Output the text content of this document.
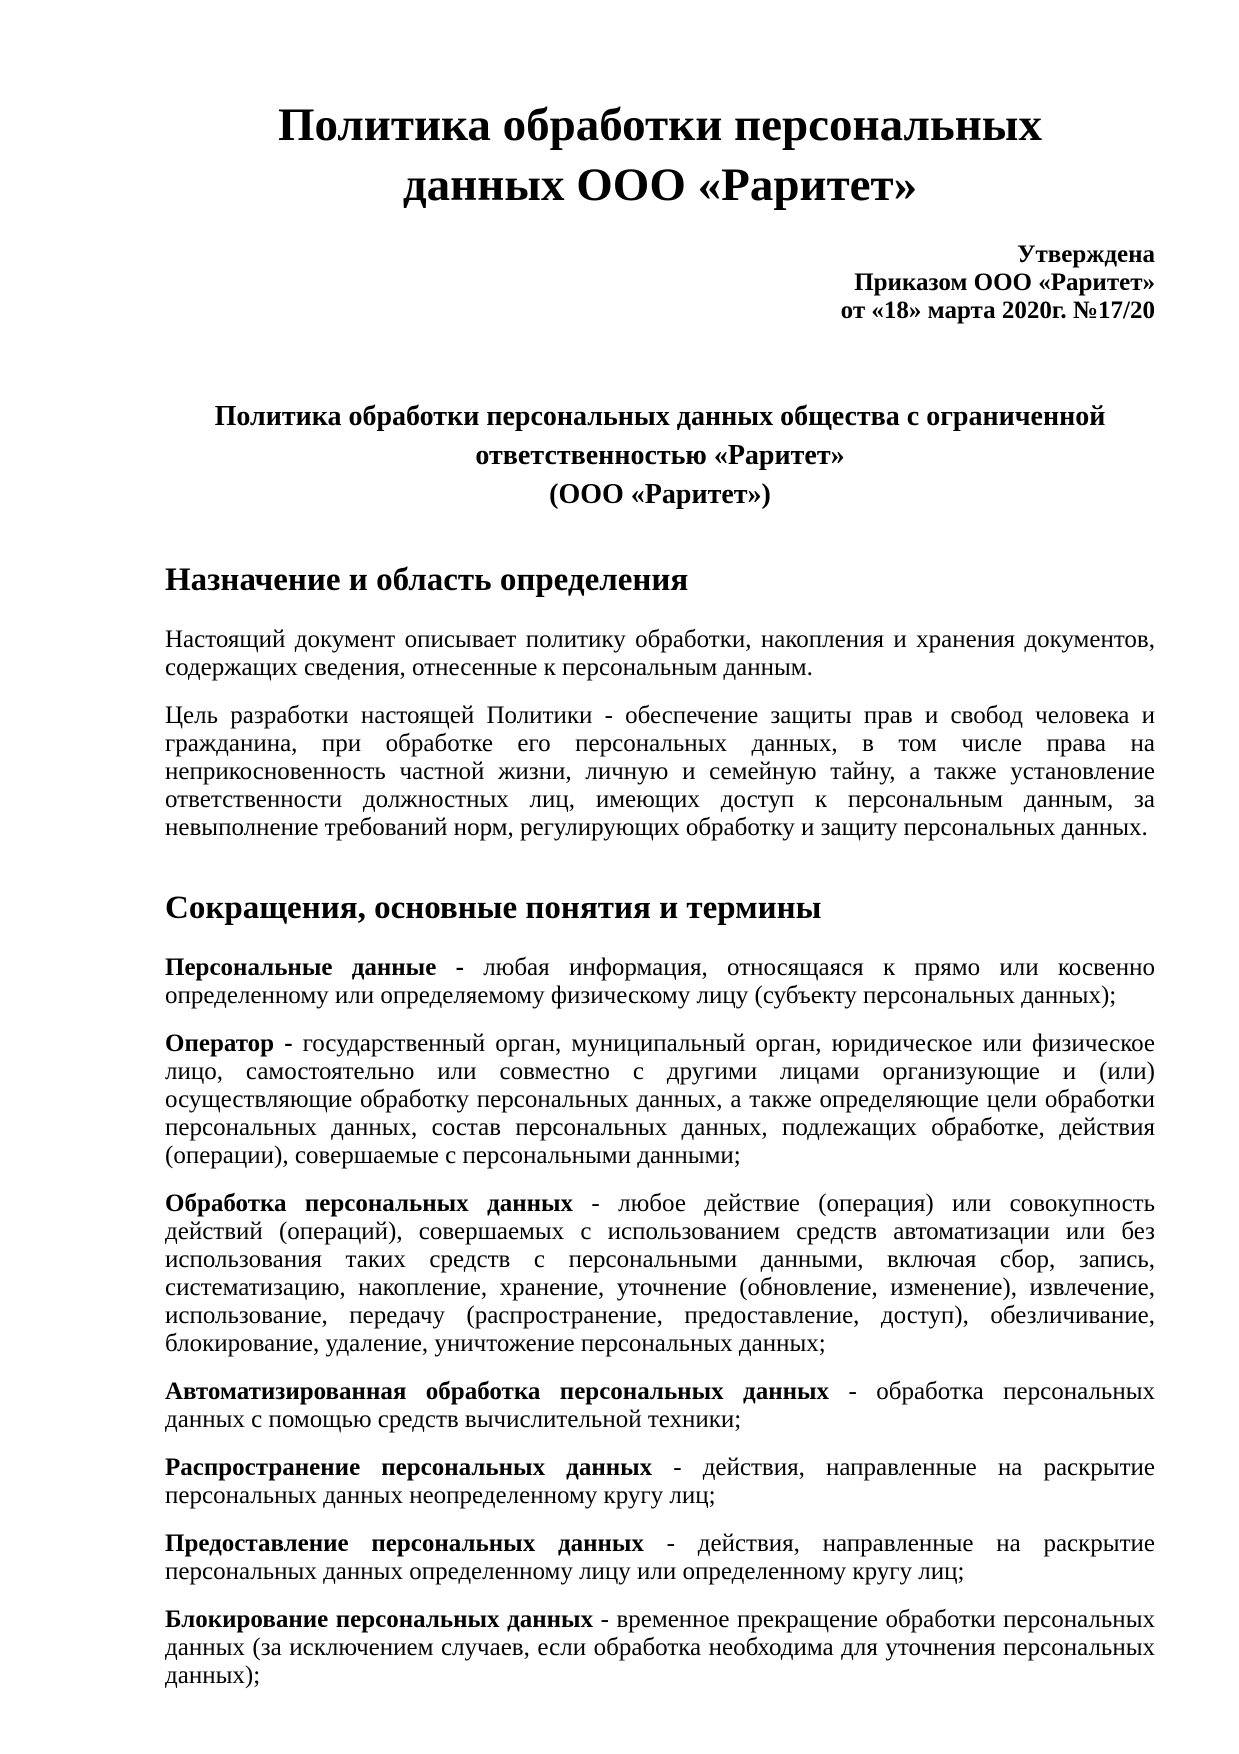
Политика обработки персональных данных ООО «Раритет»
Утверждена
Приказом ООО «Раритет»
от «18» марта 2020г. №17/20
Политика обработки персональных данных общества с ограниченной ответственностью «Раритет»
(ООО «Раритет»)
Назначение и область определения

Настоящий документ описывает политику обработки, накопления и хранения документов, содержащих сведения, отнесенные к персональным данным.

Цель разработки настоящей Политики - обеспечение защиты прав и свобод человека и гражданина, при обработке его персональных данных, в том числе права на неприкосновенность частной жизни, личную и семейную тайну, а также установление ответственности должностных лиц, имеющих доступ к персональным данным, за невыполнение требований норм, регулирующих обработку и защиту персональных данных.

Сокращения, основные понятия и термины

Персональные данные - любая информация, относящаяся к прямо или косвенно определенному или определяемому физическому лицу (субъекту персональных данных);

Оператор - государственный орган, муниципальный орган, юридическое или физическое лицо, самостоятельно или совместно с другими лицами организующие и (или) осуществляющие обработку персональных данных, а также определяющие цели обработки персональных данных, состав персональных данных, подлежащих обработке, действия (операции), совершаемые с персональными данными;

Обработка персональных данных - любое действие (операция) или совокупность действий (операций), совершаемых с использованием средств автоматизации или без использования таких средств с персональными данными, включая сбор, запись, систематизацию, накопление, хранение, уточнение (обновление, изменение), извлечение, использование, передачу (распространение, предоставление, доступ), обезличивание, блокирование, удаление, уничтожение персональных данных;

Автоматизированная обработка персональных данных - обработка персональных данных с помощью средств вычислительной техники;

Распространение персональных данных - действия, направленные на раскрытие персональных данных неопределенному кругу лиц;

Предоставление персональных данных - действия, направленные на раскрытие персональных данных определенному лицу или определенному кругу лиц;

Блокирование персональных данных - временное прекращение обработки персональных данных (за исключением случаев, если обработка необходима для уточнения персональных данных);
